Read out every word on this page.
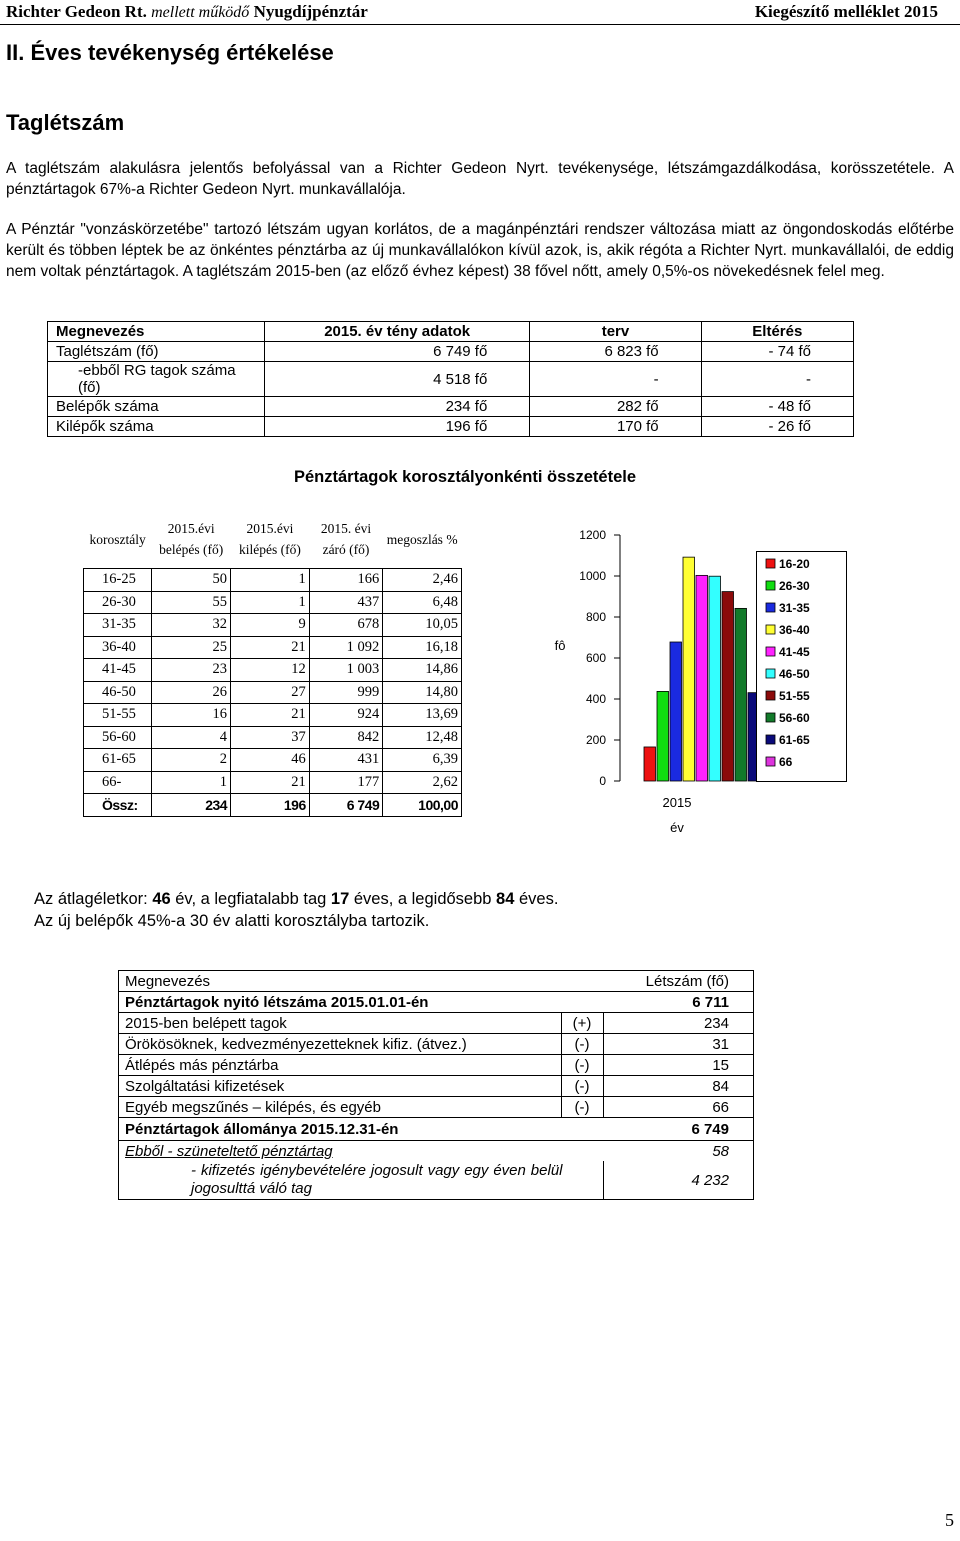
Richter Gedeon Rt. mellett működő Nyugdíjpénztár	Kiegészítő melléklet 2015
II. Éves tevékenység értékelése
Taglétszám

A taglétszám alakulásra jelentős befolyással van a Richter Gedeon Nyrt. tevékenysége, létszámgazdálkodása, korösszetétele. A pénztártagok 67%-a Richter Gedeon Nyrt. munkavállalója.

A Pénztár "vonzáskörzetébe" tartozó létszám ugyan korlátos, de a magánpénztári rendszer változása miatt az öngondoskodás előtérbe került és többen léptek be az önkéntes pénztárba az új munkavállalókon kívül azok, is, akik régóta a Richter Nyrt. munkavállalói, de eddig nem voltak pénztártagok. A taglétszám 2015-ben (az előző évhez képest) 38 fővel nőtt, amely 0,5%-os növekedésnek felel meg.

Megnevezés	2015. év tény adatok	terv	Eltérés
Taglétszám (fő)	6 749 fő	6 823 fő	- 74 fő
-ebből RG tagok száma (fő)	4 518 fő	-	-
Belépők száma	234 fő	282 fő	- 48 fő
Kilépők száma	196 fő	170 fő	- 26 fő
Pénztártagok korosztályonkénti összetétele
korosztály	2015.évi belépés (fő)	2015.évi kilépés (fő)	2015. évi záró (fő)	megoszlás %
16-25	50	1	166	2,46
26-30	55	1	437	6,48
31-35	32	9	678	10,05
36-40	25	21	1 092	16,18
41-45	23	12	1 003	14,86
46-50	26	27	999	14,80
51-55	16	21	924	13,69
56-60	4	37	842	12,48
61-65	2	46	431	6,39
66-	1	21	177	2,62
Össz:	234	196	6 749	100,00
0
200
400
600
800
1000
1200
fô
2015
év
Az átlagéletkor: 46 év, a legfiatalabb tag 17 éves, a legidősebb 84 éves.
Az új belépők 45%-a 30 év alatti korosztályba tartozik.
Megnevezés		Létszám (fő)
Pénztártagok nyitó létszáma 2015.01.01-én		6 711
2015-ben belépett tagok	(+)	234
Örökösöknek, kedvezményezetteknek kifiz. (átvez.)	(-)	31
Átlépés más pénztárba	(-)	15
Szolgáltatási kifizetések	(-)	84
Egyéb megszűnés – kilépés, és egyéb	(-)	66
Pénztártagok állománya 2015.12.31-én		6 749
Ebből - szüneteltető pénztártag		58
- kifizetés igénybevételére jogosult vagy egy éven belül jogosulttá váló tag		4 232
5
16-20
26-30
31-35
36-40
41-45
46-50
51-55
56-60
61-65
66
